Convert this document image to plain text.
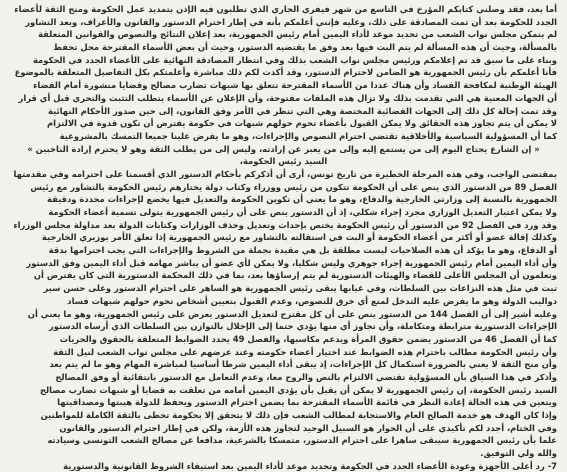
أما بعد، فقد وصلني كتابكم المؤرخ في التاسع من شهر فيفري الجاري الذي تطلبون فيه الإذن بتمديد عمل الحكومة ومنح الثقة لأعضاء
الجدد للحكومة بعد أن تمت المصادقة على ذلك، وعليه فإنني أعلمكم بأنه في إطار احترام الدستور والقانون والأعراف، وبعد التشاور
لم يتمكن مجلس نواب الشعب من تحديد موعد لأداء اليمين أمام رئيس الجمهورية، بعد إعلان النتائج والنصوص والقوانين المتعلقة
بالمسألة، وحيث أن هذه المسألة لم يتم البت فيها بعد وفق ما يقتضيه الدستور، وحيث أن بعض الأسماء المقترحة محل تحفظ
وبناء على ما سبق قد تم إعلامكم ورئيس مجلس نواب الشعب بذلك وفي انتظار المصادقة النهائية على الأعضاء الجدد في الحكومة
فأنا أعلمكم بأن رئيس الجمهورية هو الضامن لاحترام الدستور، وقد أكدت لكم ذلك مباشرة وأعلمتكم بكل التفاصيل المتعلقة بالموضوع
الهيئة الوطنية لمكافحة الفساد وأن هناك عددا من الأسماء المقترحة تتعلق بها شبهات تضارب مصالح وقضايا منشورة أمام القضاء
أن الجهات المعنية هي التي تقدمت بذلك ولا تزال هذه الملفات مفتوحة، وأن الإعلان عن الأسماء يتطلب التثبت والتحري قبل أي قرار
وقد تمت إحالة كل ذلك إلى الجهات القضائية المختصة وهي التي تنظر في الأمر وفق القانون، إلى حين صدور الأحكام النهائية
لا يمكن أن يتم تجاوز هذه الحقائق ولا يمكن القبول بأعضاء تحوم حولهم شبهات في حكومة يفترض أن تكون قدوة في الالتزام
كما أن المسؤولية السياسية والأخلاقية تقتضي احترام النصوص والإجراءات، وهو ما يفرض علينا جميعا التمسك بالمشروعية
« إن الشارع يحتاج اليوم إلى من يستمع إليه وإلى من يعبر عن إرادته، وليس إلى من يطلب الثقة وهو لا يحترم إرادة الناخبين »
السيد رئيس الحكومة،
بمقتضى الواجب، وفي هذه المرحلة الخطيرة من تاريخ تونس، أرى أن أذكركم بأحكام الدستور الذي أقسمنا على احترامه وفي مقدمتها
الفصل 89 من الدستور الذي ينص على أن الحكومة تتكون من رئيس ووزراء وكتاب دولة يختارهم رئيس الحكومة بالتشاور مع رئيس
الجمهورية بالنسبة إلى وزارتي الخارجية والدفاع، وهو ما يعني أن تكوين الحكومة والتعديل فيها يخضع لإجراءات محددة ودقيقة
ولا يمكن اعتبار التعديل الوزاري مجرد إجراء شكلي، إذ أن الدستور ينص على أن رئيس الجمهورية يتولى تسمية أعضاء الحكومة
وقد ورد في الفصل 92 من الدستور أن رئيس الحكومة يختص بإحداث وتعديل وحذف الوزارات وكتابات الدولة بعد مداولة مجلس الوزراء
وكذلك إقالة عضو أو أكثر من أعضاء الحكومة أو البت في استقالته بالتشاور مع رئيس الجمهورية إذا تعلق الأمر بوزيري الخارجية
أو الدفاع، وهو ما يؤكد أن هذه الصلاحيات ليست مطلقة بل هي مقيدة بجملة من الشروط والإجراءات التي يجب احترامها بدقة
وأن أداء اليمين أمام رئيس الجمهورية إجراء جوهري وليس شكليا، ولا يمكن لأي عضو أن يباشر مهامه قبل أداء اليمين وفق الدستور
وتعلمون أن المجلس الأعلى للقضاء والهيئات الدستورية لم يتم إرساؤها بعد، بما في ذلك المحكمة الدستورية التي كان يفترض أن
تبت في مثل هذه النزاعات بين السلطات، وفي غيابها يبقى رئيس الجمهورية هو الساهر على احترام الدستور وعلى حسن سير
دواليب الدولة وهو ما يفرض عليه التدخل لمنع أي خرق للنصوص، وعدم القبول بتعيين أشخاص تحوم حولهم شبهات فساد
وعليه أشير إلى أن الفصل 144 من الدستور ينص على أن كل مقترح لتعديل الدستور يعرض على رئيس الجمهورية، وهو ما يعني أن
الإجراءات الدستورية مترابطة ومتكاملة، وأن تجاوز أي منها يؤدي حتما إلى الإخلال بالتوازن بين السلطات الذي أرساه الدستور
كما أن الفصل 46 من الدستور يضمن حقوق المرأة ويدعم مكاسبها، والفصل 49 يحدد الضوابط المتعلقة بالحقوق والحريات
وأن رئيس الحكومة مطالب باحترام هذه الضوابط عند اختيار أعضاء حكومته وعند عرضهم على مجلس نواب الشعب لنيل الثقة
وأن منح الثقة لا يعني بالضرورة استكمال كل الإجراءات، إذ يبقى أداء اليمين شرطا أساسيا لمباشرة المهام وهو ما لم يتم بعد
وأذكر في هذا السياق بأن المسؤولية تقتضي الالتزام بالنص والروح معا، وعدم التعامل مع الدستور بانتقائية أو وفق المصالح
السيد رئيس الحكومة، إن رئيس الجمهورية لا يمكن أن يقبل بأن يؤدي اليمين أمامه من تعلقت به قضايا أو شبهات تضارب مصالح
ويتعين في هذه الحالة إعادة النظر في قائمة الأسماء المقترحة بما يضمن احترام الدستور ويحفظ للدولة هيبتها ومصداقيتها
وإذا كان الهدف هو خدمة الصالح العام والاستجابة لمطالب الشعب فإن ذلك لا يتحقق إلا بحكومة تحظى بالثقة الكاملة للمواطنين
وفي الختام، أجدد لكم تأكيدي على أن الحوار هو السبيل الوحيد لتجاوز هذه الأزمة، ولكن في إطار احترام الدستور والقانون
علما بأن رئيس الجمهورية سيبقى ساهرا على احترام الدستور، متمسكا بالشرعية، مدافعا عن مصالح الشعب التونسي وسيادته
والله ولي التوفيق.
7- رد أعلى الأجهزة وعودة الأعضاء الجدد في الحكومة وتحديد موعد لأداء اليمين بعد استيفاء الشروط القانونية والدستورية
